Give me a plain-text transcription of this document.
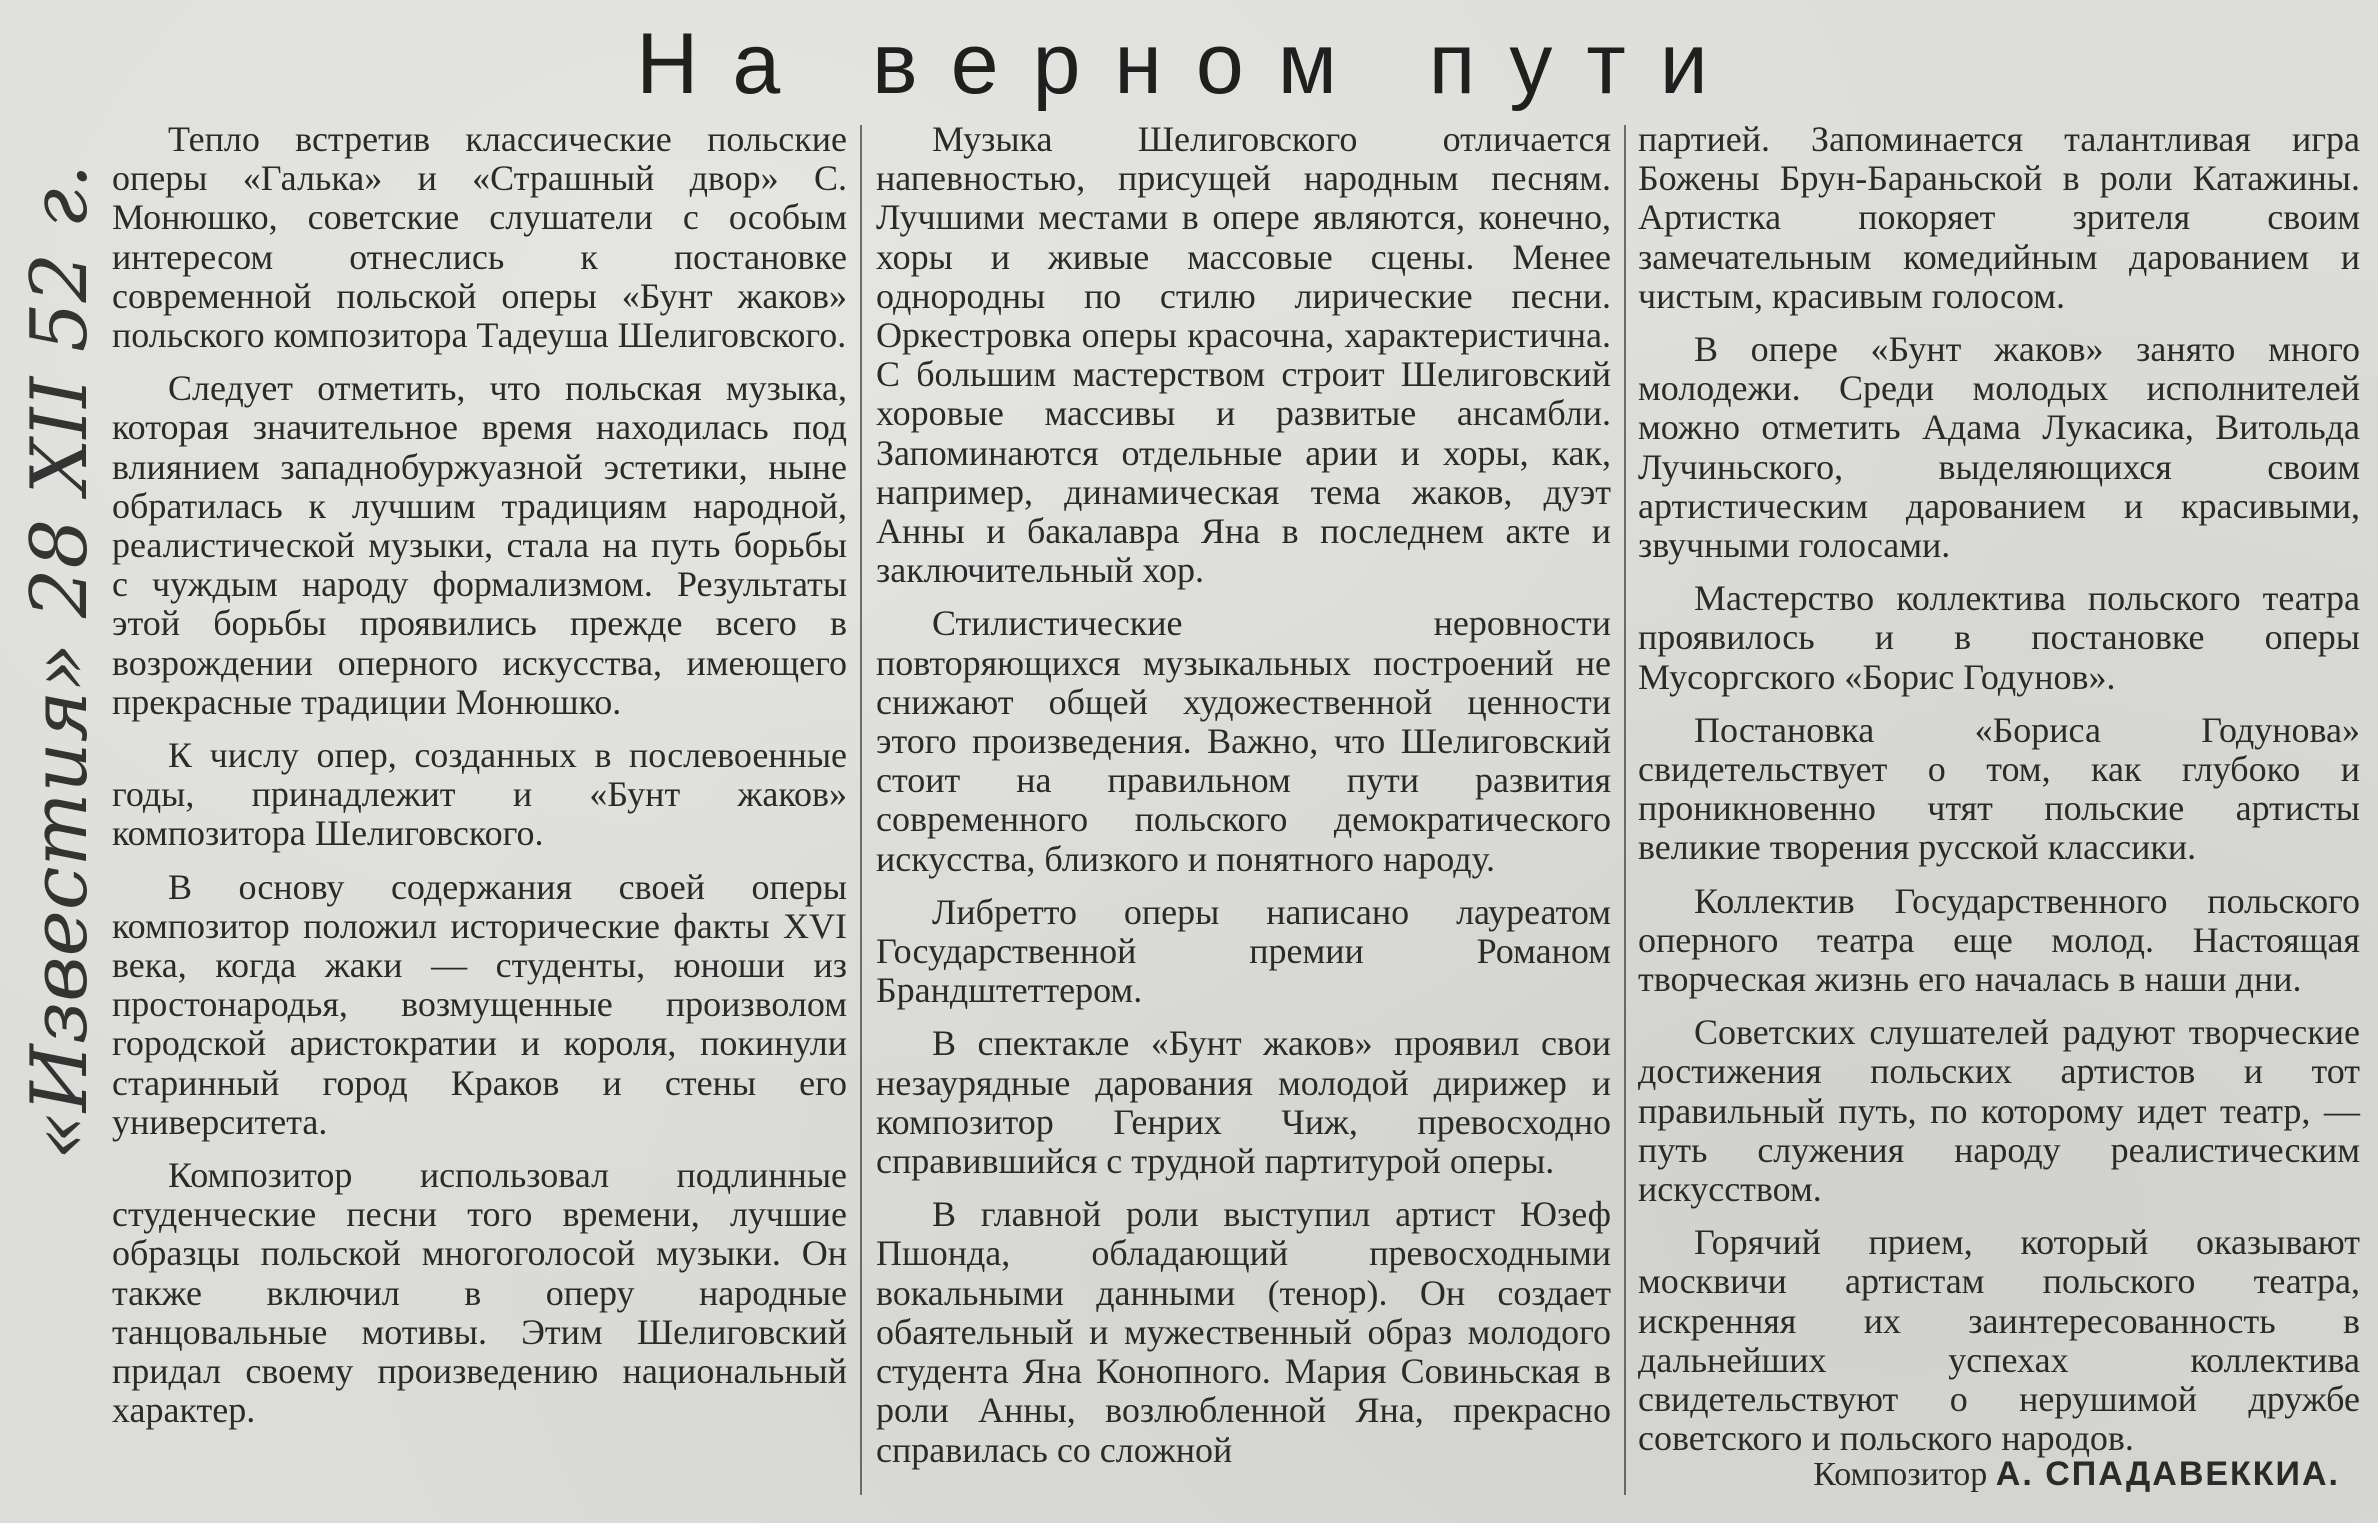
На верном пути
«Известия» 28 XII 52 г.

Тепло встретив классические польские оперы «Галька» и «Страшный двор» С. Монюшко, советские слушатели с особым интересом отнеслись к постановке современной польской оперы «Бунт жаков» польского композитора Тадеуша Шелиговского.

Следует отметить, что польская музыка, которая значительное время находилась под влиянием западнобуржуазной эстетики, ныне обратилась к лучшим традициям народной, реалистической музыки, стала на путь борьбы с чуждым народу формализмом. Результаты этой борьбы проявились прежде всего в возрождении оперного искусства, имеющего прекрасные традиции Монюшко.

К числу опер, созданных в послевоенные годы, принадлежит и «Бунт жаков» композитора Шелиговского.

В основу содержания своей оперы композитор положил исторические факты XVI века, когда жаки — студенты, юноши из простонародья, возмущенные произволом городской аристократии и короля, покинули старинный город Краков и стены его университета.

Композитор использовал подлинные студенческие песни того времени, лучшие образцы польской многоголосой музыки. Он также включил в оперу народные танцовальные мотивы. Этим Шелиговский придал своему произведению национальный характер.

Музыка Шелиговского отличается напевностью, присущей народным песням. Лучшими местами в опере являются, конечно, хоры и живые массовые сцены. Менее однородны по стилю лирические песни. Оркестровка оперы красочна, характеристична. С большим мастерством строит Шелиговский хоровые массивы и развитые ансамбли. Запоминаются отдельные арии и хоры, как, например, динамическая тема жаков, дуэт Анны и бакалавра Яна в последнем акте и заключительный хор.

Стилистические неровности повторяющихся музыкальных построений не снижают общей художественной ценности этого произведения. Важно, что Шелиговский стоит на правильном пути развития современного польского демократического искусства, близкого и понятного народу.

Либретто оперы написано лауреатом Государственной премии Романом Брандштеттером.

В спектакле «Бунт жаков» проявил свои незаурядные дарования молодой дирижер и композитор Генрих Чиж, превосходно справившийся с трудной партитурой оперы.

В главной роли выступил артист Юзеф Пшонда, обладающий превосходными вокальными данными (тенор). Он создает обаятельный и мужественный образ молодого студента Яна Конопного. Мария Совиньская в роли Анны, возлюбленной Яна, прекрасно справилась со сложной

партией. Запоминается талантливая игра Божены Брун-Бараньской в роли Катажины. Артистка покоряет зрителя своим замечательным комедийным дарованием и чистым, красивым голосом.

В опере «Бунт жаков» занято много молодежи. Среди молодых исполнителей можно отметить Адама Лукасика, Витольда Лучиньского, выделяющихся своим артистическим дарованием и красивыми, звучными голосами.

Мастерство коллектива польского театра проявилось и в постановке оперы Мусоргского «Борис Годунов».

Постановка «Бориса Годунова» свидетельствует о том, как глубоко и проникновенно чтят польские артисты великие творения русской классики.

Коллектив Государственного польского оперного театра еще молод. Настоящая творческая жизнь его началась в наши дни.

Советских слушателей радуют творческие достижения польских артистов и тот правильный путь, по которому идет театр, — путь служения народу реалистическим искусством.

Горячий прием, который оказывают москвичи артистам польского театра, искренняя их заинтересованность в дальнейших успехах коллектива свидетельствуют о нерушимой дружбе советского и польского народов.

Композитор А. СПАДАВЕККИА.
